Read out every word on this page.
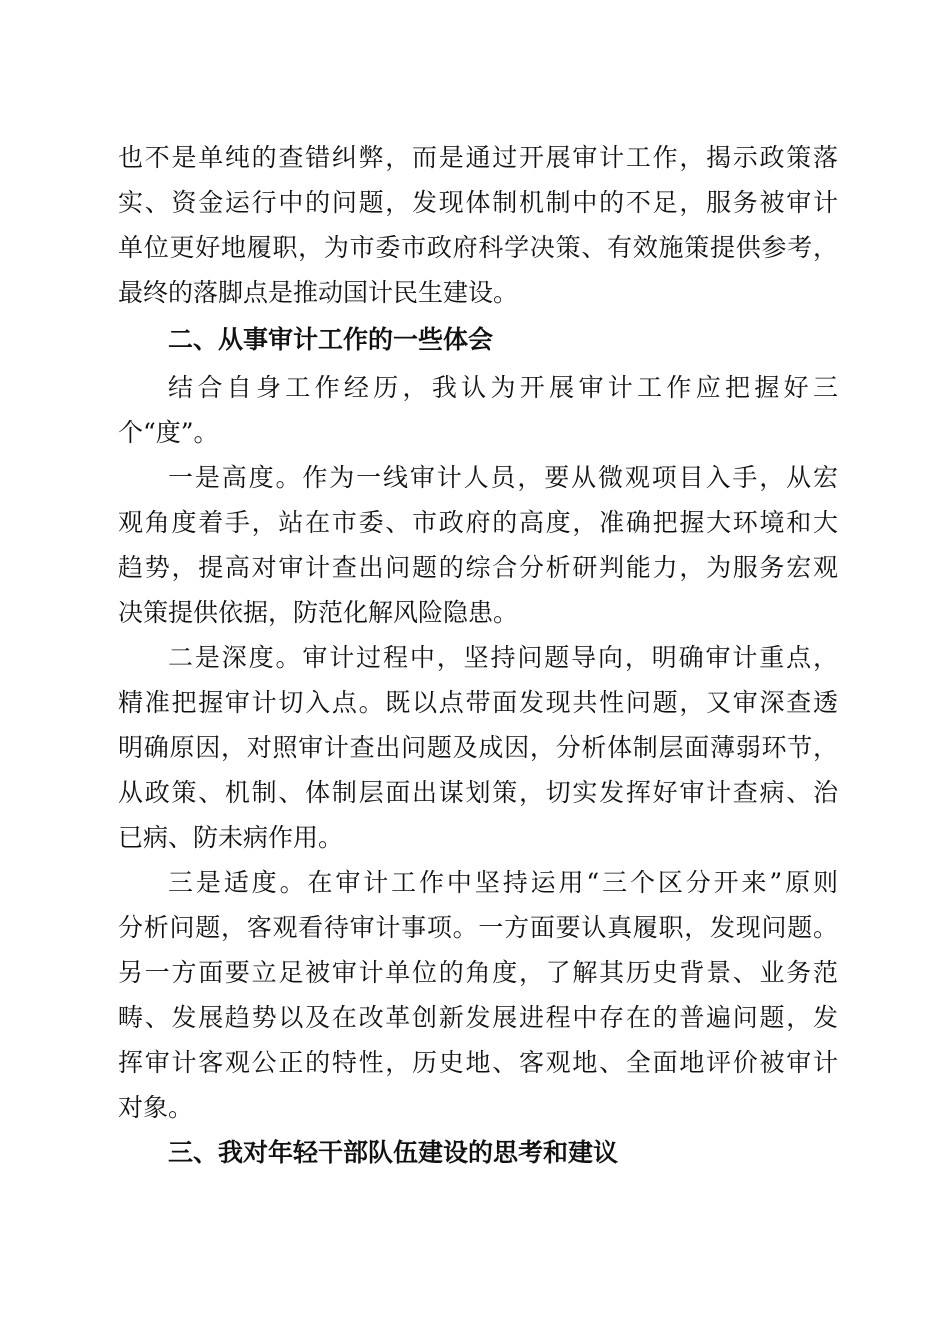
也不是单纯的查错纠弊，而是通过开展审计工作，揭示政策落
实、资金运行中的问题，发现体制机制中的不足，服务被审计
单位更好地履职，为市委市政府科学决策、有效施策提供参考，
最终的落脚点是推动国计民生建设。
二、从事审计工作的一些体会
结合自身工作经历，我认为开展审计工作应把握好三
个“度”。
一是高度。作为一线审计人员，要从微观项目入手，从宏
观角度着手，站在市委、市政府的高度，准确把握大环境和大
趋势，提高对审计查出问题的综合分析研判能力，为服务宏观
决策提供依据，防范化解风险隐患。
二是深度。审计过程中，坚持问题导向，明确审计重点，
精准把握审计切入点。既以点带面发现共性问题，又审深查透
明确原因，对照审计查出问题及成因，分析体制层面薄弱环节，
从政策、机制、体制层面出谋划策，切实发挥好审计查病、治
已病、防未病作用。
三是适度。在审计工作中坚持运用“三个区分开来”原则
分析问题，客观看待审计事项。一方面要认真履职，发现问题。
另一方面要立足被审计单位的角度，了解其历史背景、业务范
畴、发展趋势以及在改革创新发展进程中存在的普遍问题，发
挥审计客观公正的特性，历史地、客观地、全面地评价被审计
对象。
三、我对年轻干部队伍建设的思考和建议
